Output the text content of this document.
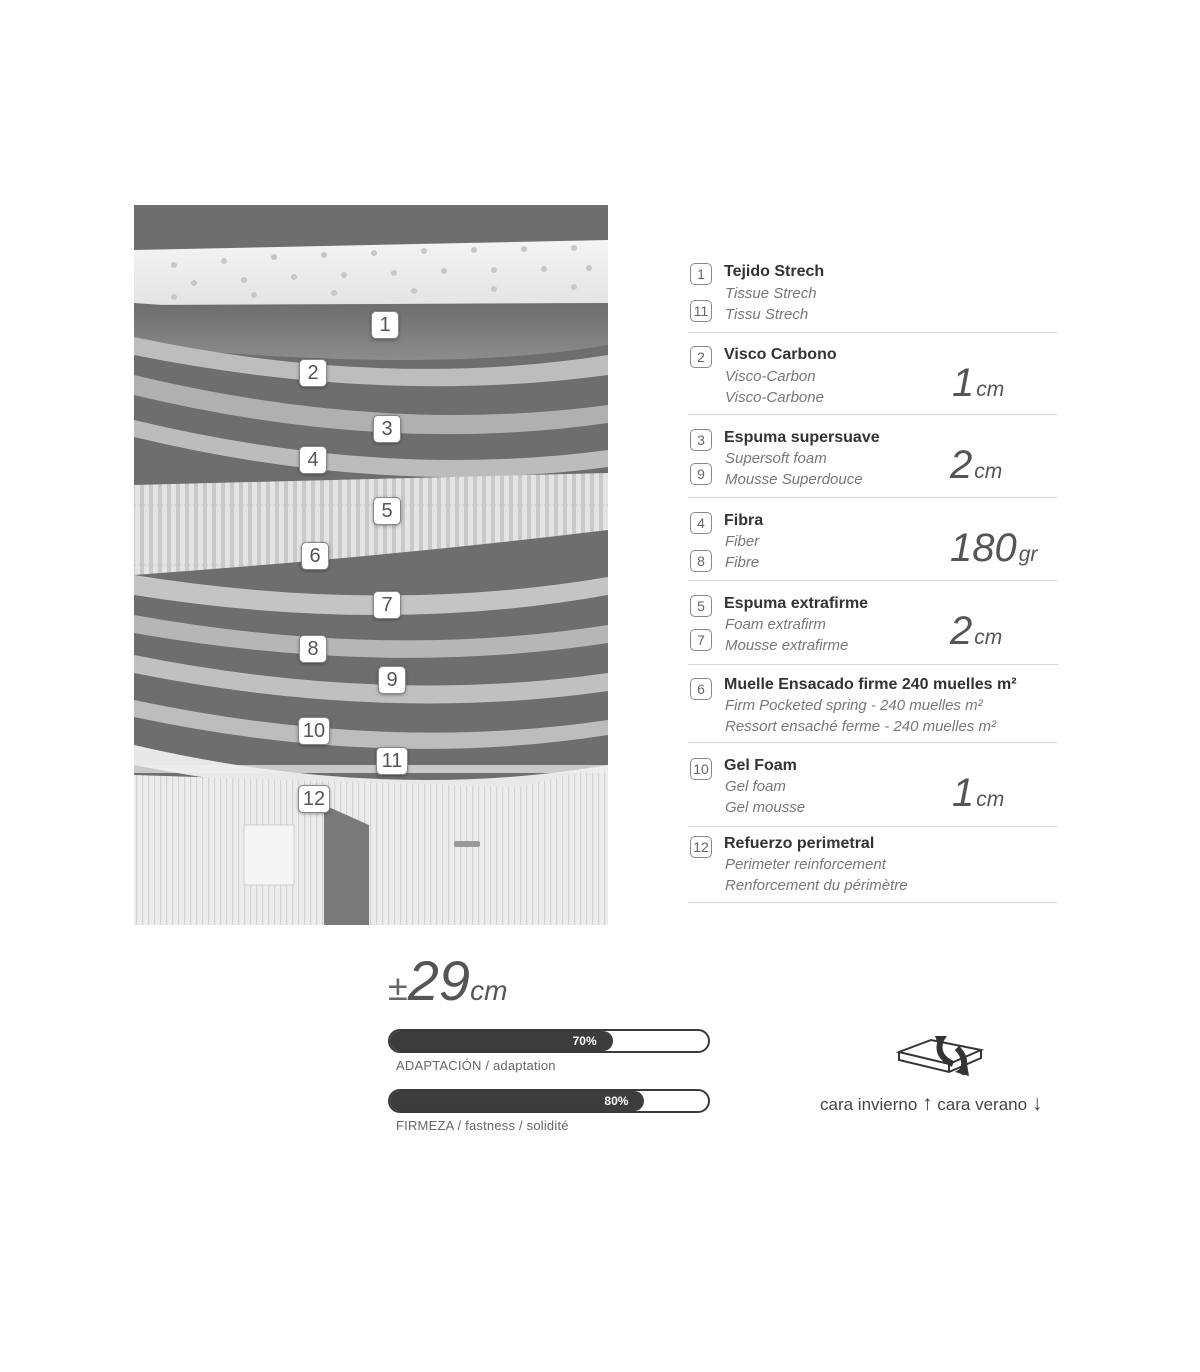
1
2
3
4
5
6
7
8
9
10
11
12
1
11
Tejido Strech
Tissue Strech
Tissu Strech
2	Visco Carbono
Visco-Carbon
Visco-Carbone	1cm
3
9
Espuma supersuave
Supersoft foam
Mousse Superdouce 2cm
4
8
Fibra
Fiber
Fibre	180gr
5
7
Espuma extrafirme
Foam extrafirm
Mousse extrafirme	2cm
6	Muelle Ensacado firme 240 muelles m²
Firm Pocketed spring - 240 muelles m²
Ressort ensaché ferme - 240 muelles m²
10 Gel Foam
Gel foam
Gel mousse	1cm
12 Refuerzo perimetral
Perimeter reinforcement
Renforcement du périmètre
±29cm
70%
ADAPTACIÓN / adaptation
80%
FIRMEZA / fastness / solidité
cara invierno ↑ cara verano ↓
